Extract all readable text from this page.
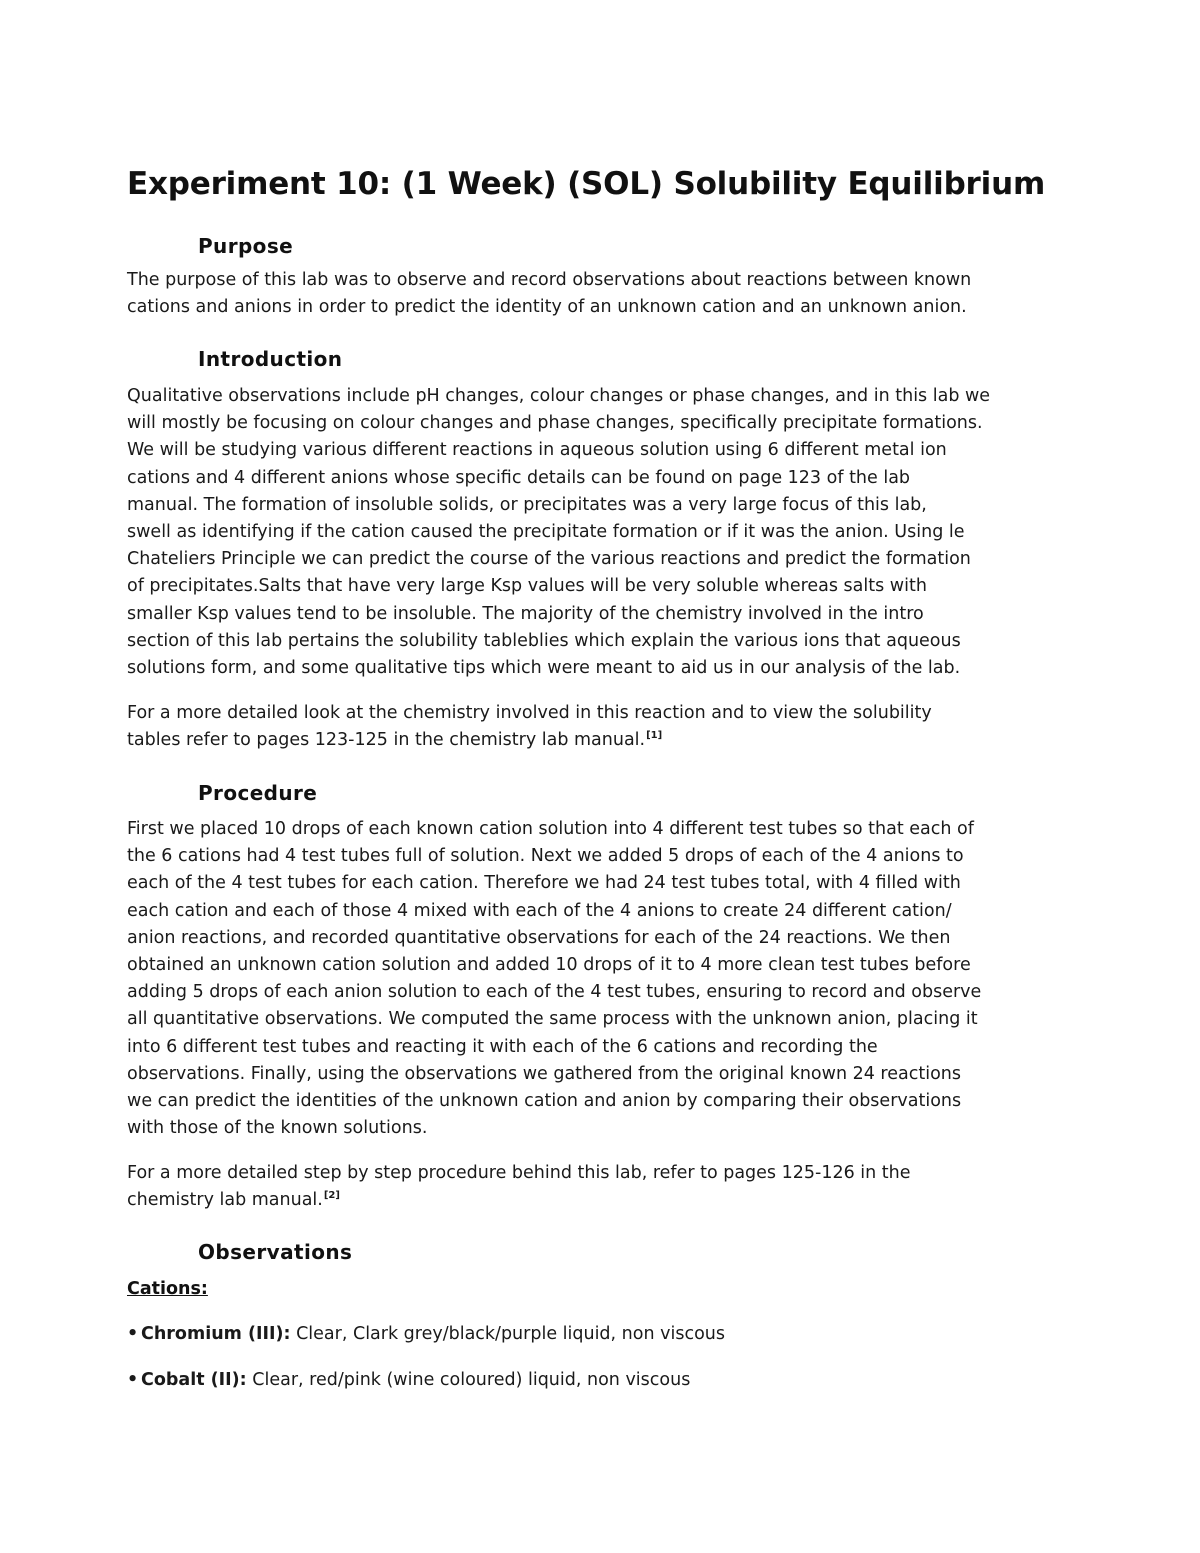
Experiment 10: (1 Week) (SOL) Solubility Equilibrium
Purpose

The purpose of this lab was to observe and record observations about reactions between known
cations and anions in order to predict the identity of an unknown cation and an unknown anion.

Introduction

Qualitative observations include pH changes, colour changes or phase changes, and in this lab we
will mostly be focusing on colour changes and phase changes, specifically precipitate formations.
We will be studying various different reactions in aqueous solution using 6 different metal ion
cations and 4 different anions whose specific details can be found on page 123 of the lab
manual. The formation of insoluble solids, or precipitates was a very large focus of this lab,
swell as identifying if the cation caused the precipitate formation or if it was the anion. Using le
Chateliers Principle we can predict the course of the various reactions and predict the formation
of precipitates.Salts that have very large Ksp values will be very soluble whereas salts with
smaller Ksp values tend to be insoluble. The majority of the chemistry involved in the intro
section of this lab pertains the solubility tableblies which explain the various ions that aqueous
solutions form, and some qualitative tips which were meant to aid us in our analysis of the lab.

For a more detailed look at the chemistry involved in this reaction and to view the solubility
tables refer to pages 123-125 in the chemistry lab manual.[1]

Procedure

First we placed 10 drops of each known cation solution into 4 different test tubes so that each of
the 6 cations had 4 test tubes full of solution. Next we added 5 drops of each of the 4 anions to
each of the 4 test tubes for each cation. Therefore we had 24 test tubes total, with 4 filled with
each cation and each of those 4 mixed with each of the 4 anions to create 24 different cation/
anion reactions, and recorded quantitative observations for each of the 24 reactions. We then
obtained an unknown cation solution and added 10 drops of it to 4 more clean test tubes before
adding 5 drops of each anion solution to each of the 4 test tubes, ensuring to record and observe
all quantitative observations. We computed the same process with the unknown anion, placing it
into 6 different test tubes and reacting it with each of the 6 cations and recording the
observations. Finally, using the observations we gathered from the original known 24 reactions
we can predict the identities of the unknown cation and anion by comparing their observations
with those of the known solutions.

For a more detailed step by step procedure behind this lab, refer to pages 125-126 in the
chemistry lab manual.[2]

Observations

Cations:

• Chromium (III): Clear, Clark grey/black/purple liquid, non viscous

• Cobalt (II): Clear, red/pink (wine coloured) liquid, non viscous
